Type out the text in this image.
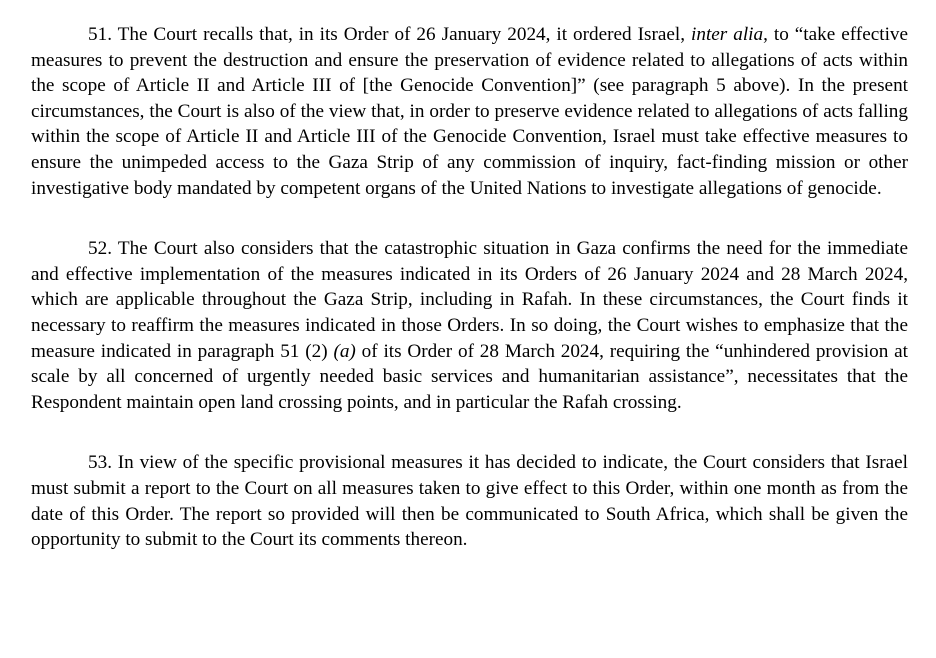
51. The Court recalls that, in its Order of 26 January 2024, it ordered Israel, inter alia, to “take effective measures to prevent the destruction and ensure the preservation of evidence related to allegations of acts within the scope of Article II and Article III of [the Genocide Convention]” (see paragraph 5 above). In the present circumstances, the Court is also of the view that, in order to preserve evidence related to allegations of acts falling within the scope of Article II and Article III of the Genocide Convention, Israel must take effective measures to ensure the unimpeded access to the Gaza Strip of any commission of inquiry, fact-finding mission or other investigative body mandated by competent organs of the United Nations to investigate allegations of genocide.

52. The Court also considers that the catastrophic situation in Gaza confirms the need for the immediate and effective implementation of the measures indicated in its Orders of 26 January 2024 and 28 March 2024, which are applicable throughout the Gaza Strip, including in Rafah. In these circumstances, the Court finds it necessary to reaffirm the measures indicated in those Orders. In so doing, the Court wishes to emphasize that the measure indicated in paragraph 51 (2) (a) of its Order of 28 March 2024, requiring the “unhindered provision at scale by all concerned of urgently needed basic services and humanitarian assistance”, necessitates that the Respondent maintain open land crossing points, and in particular the Rafah crossing.

53. In view of the specific provisional measures it has decided to indicate, the Court considers that Israel must submit a report to the Court on all measures taken to give effect to this Order, within one month as from the date of this Order. The report so provided will then be communicated to South Africa, which shall be given the opportunity to submit to the Court its comments thereon.
